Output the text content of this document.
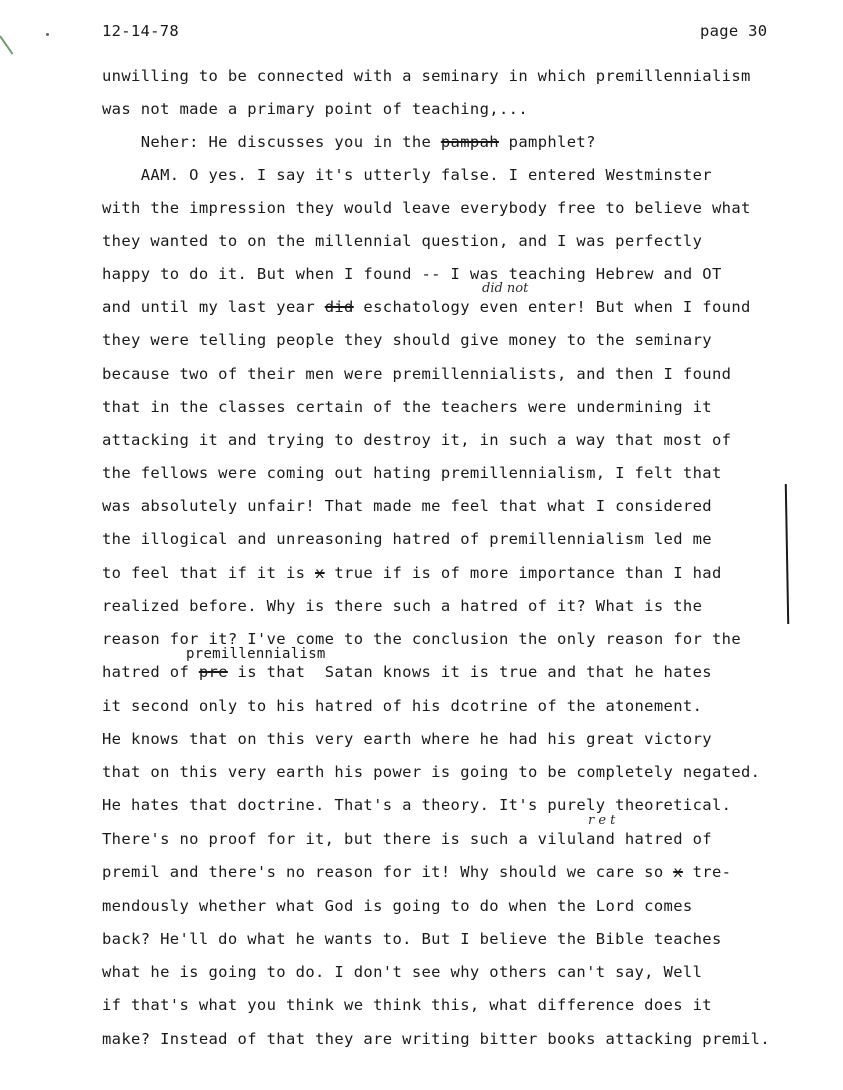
12-14-78	page 30
unwilling to be connected with a seminary in which premillennialism
was not made a primary point of teaching,...
Neher: He discusses you in the pampah pamphlet?
AAM. O yes. I say it's utterly false. I entered Westminster
with the impression they would leave everybody free to believe what
they wanted to on the millennial question, and I was perfectly
happy to do it. But when I found -- I was teaching Hebrew and OT
did not
and until my last year did eschatology even enter! But when I found
they were telling people they should give money to the seminary
because two of their men were premillennialists, and then I found
that in the classes certain of the teachers were undermining it
attacking it and trying to destroy it, in such a way that most of
the fellows were coming out hating premillennialism, I felt that
was absolutely unfair! That made me feel that what I considered
the illogical and unreasoning hatred of premillennialism led me
to feel that if it is x true if is of more importance than I had
realized before. Why is there such a hatred of it? What is the
reason for it? I've come to the conclusion the only reason for the
premillennialism
hatred of pre is that  Satan knows it is true and that he hates
it second only to his hatred of his dcotrine of the atonement.
He knows that on this very earth where he had his great victory
that on this very earth his power is going to be completely negated.
He hates that doctrine. That's a theory. It's purely theoretical.
r e t
There's no proof for it, but there is such a viluland hatred of
premil and there's no reason for it! Why should we care so x tre-
mendously whether what God is going to do when the Lord comes
back? He'll do what he wants to. But I believe the Bible teaches
what he is going to do. I don't see why others can't say, Well
if that's what you think we think this, what difference does it
make? Instead of that they are writing bitter books attacking premil.
